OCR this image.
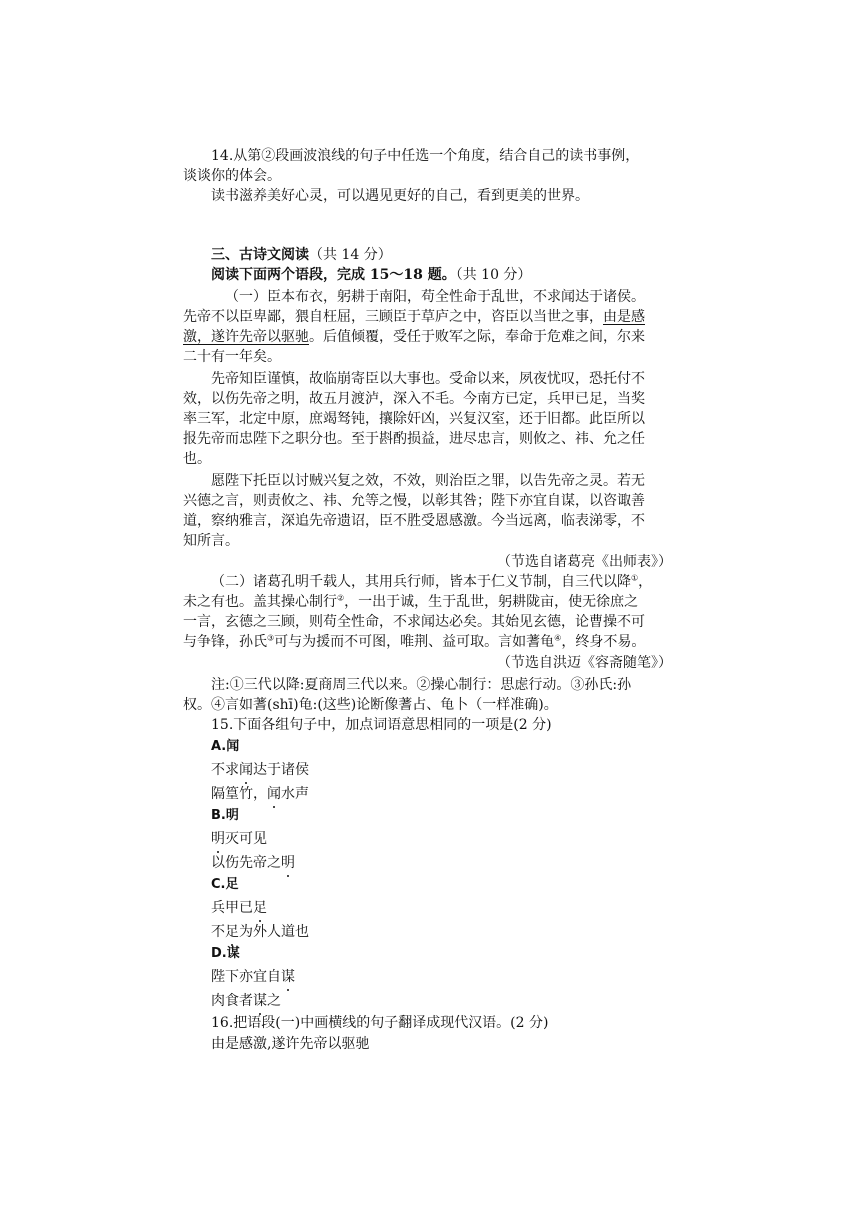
14.从第②段画波浪线的句子中任选一个角度，结合自己的读书事例，
谈谈你的体会。
读书滋养美好心灵，可以遇见更好的自己，看到更美的世界。
三、古诗文阅读（共 14 分）
阅读下面两个语段，完成 15～18 题。（共 10 分）
（一）臣本布衣，躬耕于南阳，苟全性命于乱世，不求闻达于诸侯。
先帝不以臣卑鄙，猥自枉屈，三顾臣于草庐之中，咨臣以当世之事，由是感
激，遂许先帝以驱驰。后值倾覆，受任于败军之际，奉命于危难之间，尔来
二十有一年矣。
先帝知臣谨慎，故临崩寄臣以大事也。受命以来，夙夜忧叹，恐托付不
效，以伤先帝之明，故五月渡泸，深入不毛。今南方已定，兵甲已足，当奖
率三军，北定中原，庶竭驽钝，攘除奸凶，兴复汉室，还于旧都。此臣所以
报先帝而忠陛下之职分也。至于斟酌损益，进尽忠言，则攸之、祎、允之任
也。
愿陛下托臣以讨贼兴复之效，不效，则治臣之罪，以告先帝之灵。若无
兴德之言，则责攸之、祎、允等之慢，以彰其咎；陛下亦宜自谋，以咨诹善
道，察纳雅言，深追先帝遗诏，臣不胜受恩感激。今当远离，临表涕零，不
知所言。
（节选自诸葛亮《出师表》）
（二）诸葛孔明千载人，其用兵行师，皆本于仁义节制，自三代以降①，
未之有也。盖其操心制行②，一出于诚，生于乱世，躬耕陇亩，使无徐庶之
一言，玄德之三顾，则苟全性命，不求闻达必矣。其始见玄德，论曹操不可
与争锋，孙氏③可与为援而不可图，唯荆、益可取。言如蓍龟④，终身不易。
（节选自洪迈《容斋随笔》）
注:①三代以降:夏商周三代以来。②操心制行：思虑行动。③孙氏:孙
权。④言如蓍(shī)龟:(这些)论断像蓍占、龟卜（一样准确)。
15.下面各组句子中，加点词语意思相同的一项是(2 分)
A.闻
不求闻达于诸侯
隔篁竹，闻水声
B.明
明灭可见
以伤先帝之明
C.足
兵甲已足
不足为外人道也
D.谋
陛下亦宜自谋
肉食者谋之
16.把语段(一)中画横线的句子翻译成现代汉语。(2 分)
由是感激,遂许先帝以驱驰
